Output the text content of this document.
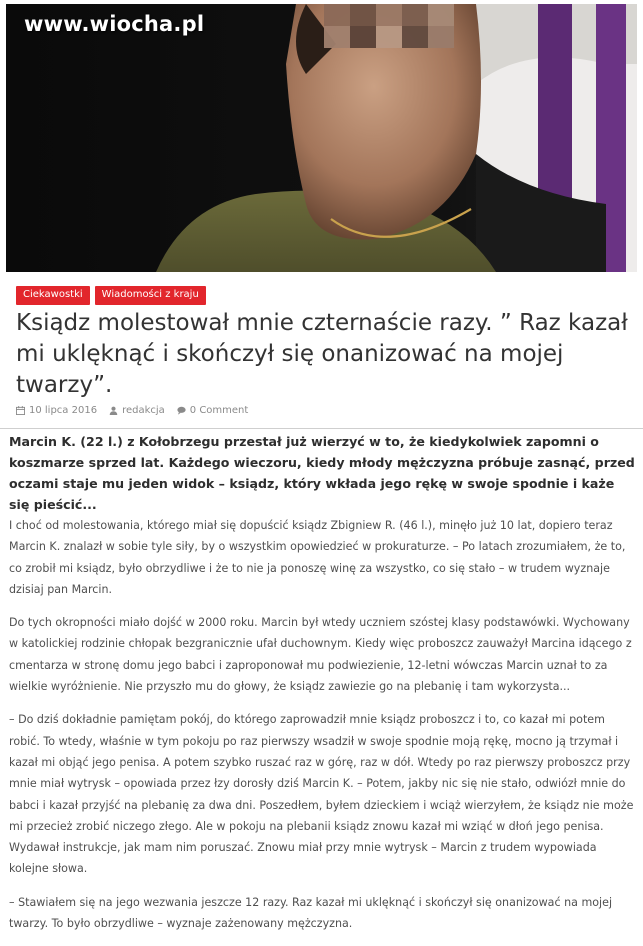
www.wiocha.pl
Ciekawostki	Wiadomości z kraju
Ksiądz molestował mnie czternaście razy. ” Raz kazał mi uklęknąć i skończył się onanizować na mojej twarzy”.
10 lipca 2016	redakcja	0 Comment

Marcin K. (22 l.) z Kołobrzegu przestał już wierzyć w to, że kiedykolwiek zapomni o koszmarze sprzed lat. Każdego wieczoru, kiedy młody mężczyzna próbuje zasnąć, przed oczami staje mu jeden widok – ksiądz, który wkłada jego rękę w swoje spodnie i każe się pieścić...

I choć od molestowania, którego miał się dopuścić ksiądz Zbigniew R. (46 l.), minęło już 10 lat, dopiero teraz Marcin K. znalazł w sobie tyle siły, by o wszystkim opowiedzieć w prokuraturze. – Po latach zrozumiałem, że to, co zrobił mi ksiądz, było obrzydliwe i że to nie ja ponoszę winę za wszystko, co się stało – w trudem wyznaje dzisiaj pan Marcin.

Do tych okropności miało dojść w 2000 roku. Marcin był wtedy uczniem szóstej klasy podstawówki. Wychowany w katolickiej rodzinie chłopak bezgranicznie ufał duchownym. Kiedy więc proboszcz zauważył Marcina idącego z cmentarza w stronę domu jego babci i zaproponował mu podwiezienie, 12-letni wówczas Marcin uznał to za wielkie wyróżnienie. Nie przyszło mu do głowy, że ksiądz zawiezie go na plebanię i tam wykorzysta...

– Do dziś dokładnie pamiętam pokój, do którego zaprowadził mnie ksiądz proboszcz i to, co kazał mi potem robić. To wtedy, właśnie w tym pokoju po raz pierwszy wsadził w swoje spodnie moją rękę, mocno ją trzymał i kazał mi objąć jego penisa. A potem szybko ruszać raz w górę, raz w dół. Wtedy po raz pierwszy proboszcz przy mnie miał wytrysk – opowiada przez łzy dorosły dziś Marcin K. – Potem, jakby nic się nie stało, odwiózł mnie do babci i kazał przyjść na plebanię za dwa dni. Poszedłem, byłem dzieckiem i wciąż wierzyłem, że ksiądz nie może mi przecież zrobić niczego złego. Ale w pokoju na plebanii ksiądz znowu kazał mi wziąć w dłoń jego penisa. Wydawał instrukcje, jak mam nim poruszać. Znowu miał przy mnie wytrysk – Marcin z trudem wypowiada kolejne słowa.

– Stawiałem się na jego wezwania jeszcze 12 razy. Raz kazał mi uklęknąć i skończył się onanizować na mojej twarzy. To było obrzydliwe – wyznaje zażenowany mężczyzna.
